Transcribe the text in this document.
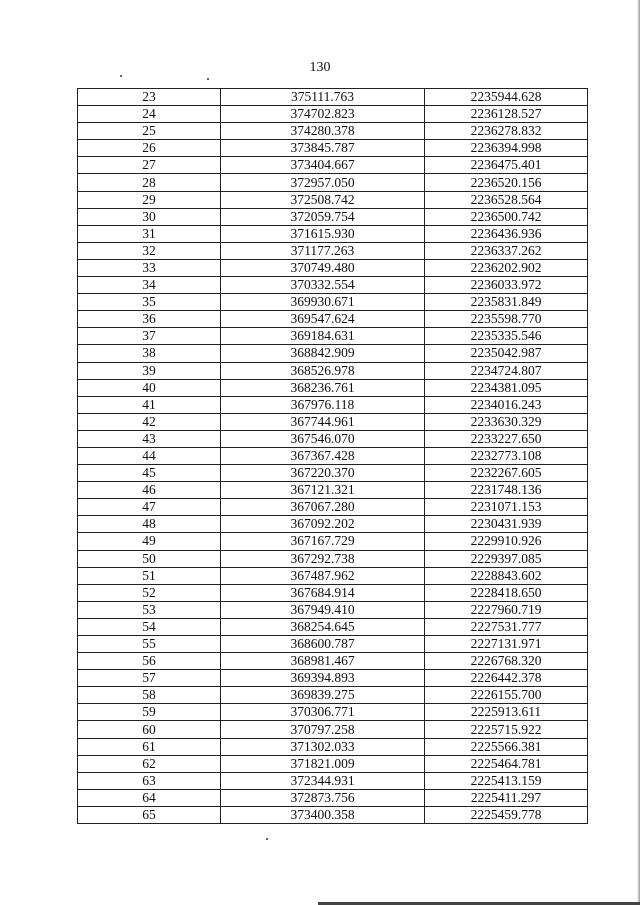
130
23	375111.763	2235944.628
24	374702.823	2236128.527
25	374280.378	2236278.832
26	373845.787	2236394.998
27	373404.667	2236475.401
28	372957.050	2236520.156
29	372508.742	2236528.564
30	372059.754	2236500.742
31	371615.930	2236436.936
32	371177.263	2236337.262
33	370749.480	2236202.902
34	370332.554	2236033.972
35	369930.671	2235831.849
36	369547.624	2235598.770
37	369184.631	2235335.546
38	368842.909	2235042.987
39	368526.978	2234724.807
40	368236.761	2234381.095
41	367976.118	2234016.243
42	367744.961	2233630.329
43	367546.070	2233227.650
44	367367.428	2232773.108
45	367220.370	2232267.605
46	367121.321	2231748.136
47	367067.280	2231071.153
48	367092.202	2230431.939
49	367167.729	2229910.926
50	367292.738	2229397.085
51	367487.962	2228843.602
52	367684.914	2228418.650
53	367949.410	2227960.719
54	368254.645	2227531.777
55	368600.787	2227131.971
56	368981.467	2226768.320
57	369394.893	2226442.378
58	369839.275	2226155.700
59	370306.771	2225913.611
60	370797.258	2225715.922
61	371302.033	2225566.381
62	371821.009	2225464.781
63	372344.931	2225413.159
64	372873.756	2225411.297
65	373400.358	2225459.778
